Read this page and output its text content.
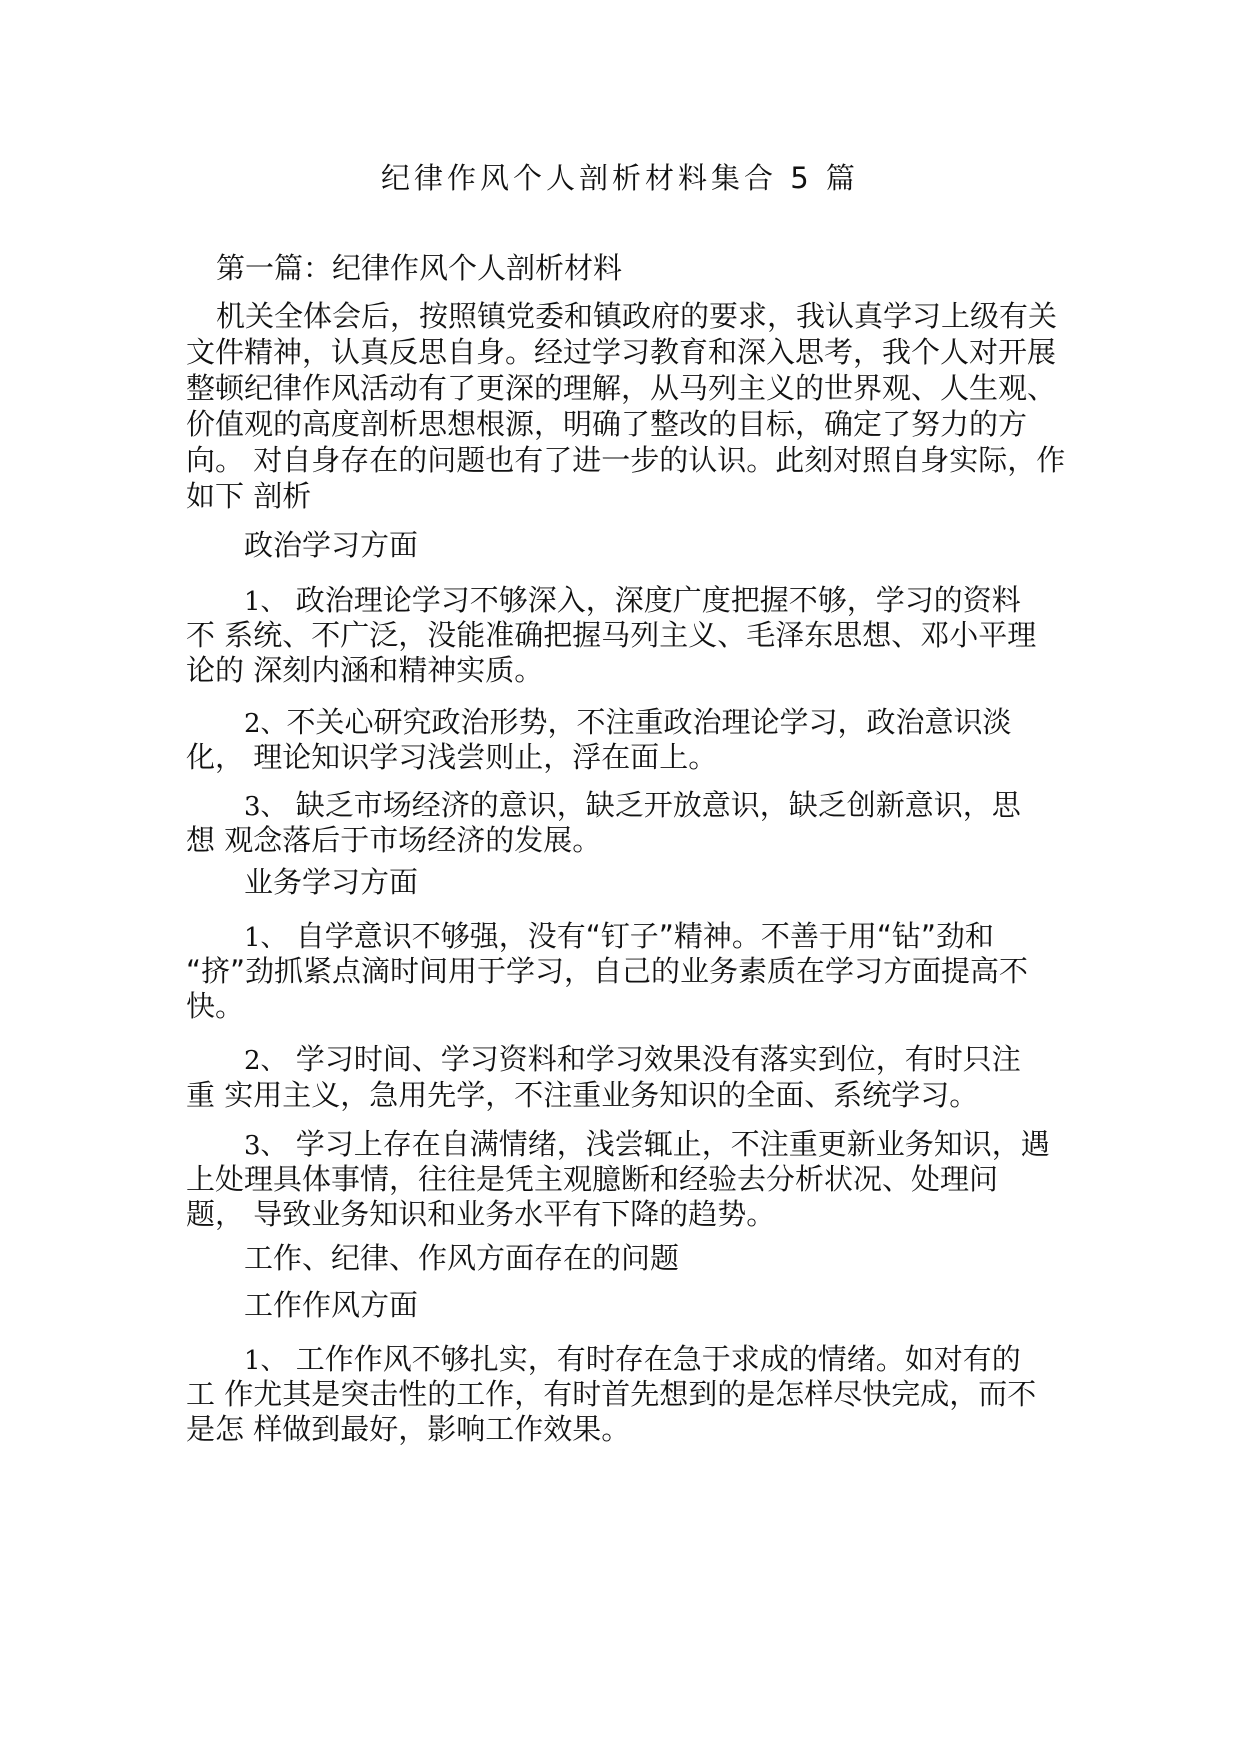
纪律作风个人剖析材料集合 5 篇
第一篇：纪律作风个人剖析材料
机关全体会后，按照镇党委和镇政府的要求，我认真学习上级有关
文件精神，认真反思自身。经过学习教育和深入思考，我个人对开展
整顿纪律作风活动有了更深的理解，从马列主义的世界观、人生观、
价值观的高度剖析思想根源，明确了整改的目标，确定了努力的方
向。 对自身存在的问题也有了进一步的认识。此刻对照自身实际，作
如下 剖析
政治学习方面
1、 政治理论学习不够深入，深度广度把握不够，学习的资料
不 系统、不广泛，没能准确把握马列主义、毛泽东思想、邓小平理
论的 深刻内涵和精神实质。
2、不关心研究政治形势，不注重政治理论学习，政治意识淡
化， 理论知识学习浅尝则止，浮在面上。
3、 缺乏市场经济的意识，缺乏开放意识，缺乏创新意识，思
想 观念落后于市场经济的发展。
业务学习方面
1、 自学意识不够强，没有“钉子”精神。不善于用“钻”劲和
“挤”劲抓紧点滴时间用于学习，自己的业务素质在学习方面提高不
快。
2、 学习时间、学习资料和学习效果没有落实到位，有时只注
重 实用主义，急用先学，不注重业务知识的全面、系统学习。
3、 学习上存在自满情绪，浅尝辄止，不注重更新业务知识，遇
上处理具体事情，往往是凭主观臆断和经验去分析状况、处理问
题， 导致业务知识和业务水平有下降的趋势。
工作、纪律、作风方面存在的问题
工作作风方面
1、 工作作风不够扎实，有时存在急于求成的情绪。如对有的
工 作尤其是突击性的工作，有时首先想到的是怎样尽快完成，而不
是怎 样做到最好，影响工作效果。
